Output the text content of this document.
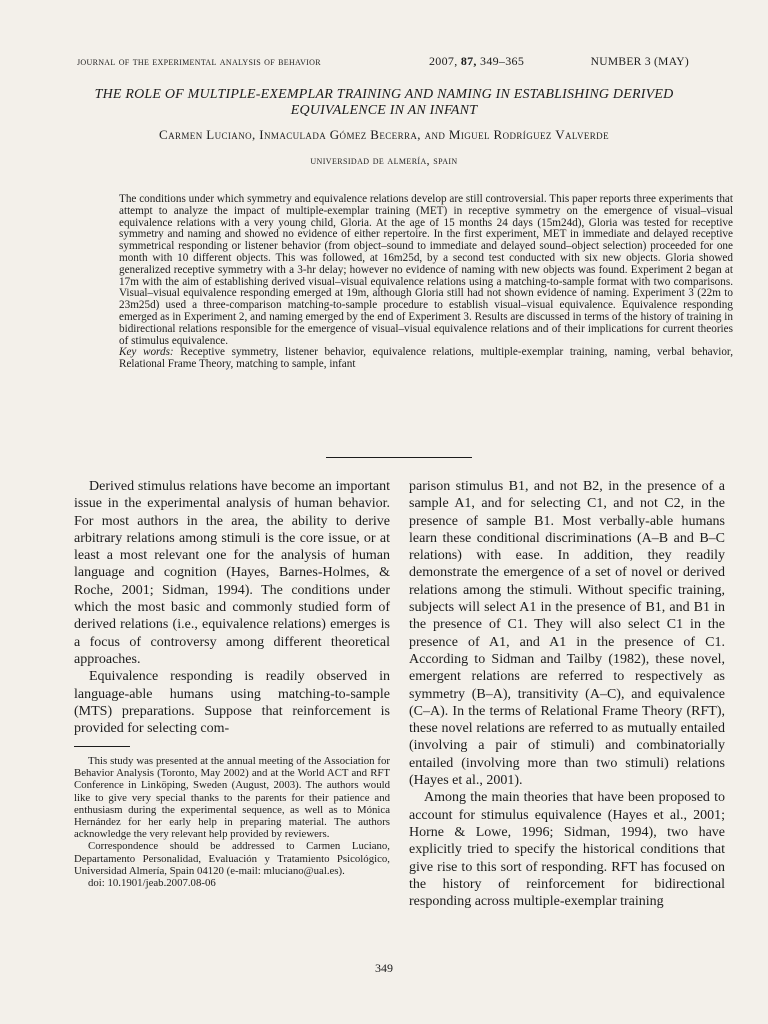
journal of the experimental analysis of behavior	2007, 87, 349–365	NUMBER 3 (MAY)
THE ROLE OF MULTIPLE-EXEMPLAR TRAINING AND NAMING IN ESTABLISHING DERIVED
EQUIVALENCE IN AN INFANT
Carmen Luciano, Inmaculada Gómez Becerra, and Miguel Rodríguez Valverde
universidad de almería, spain

The conditions under which symmetry and equivalence relations develop are still controversial. This paper reports three experiments that attempt to analyze the impact of multiple-exemplar training (MET) in receptive symmetry on the emergence of visual–visual equivalence relations with a very young child, Gloria. At the age of 15 months 24 days (15m24d), Gloria was tested for receptive symmetry and naming and showed no evidence of either repertoire. In the first experiment, MET in immediate and delayed receptive symmetrical responding or listener behavior (from object–sound to immediate and delayed sound–object selection) proceeded for one month with 10 different objects. This was followed, at 16m25d, by a second test conducted with six new objects. Gloria showed generalized receptive symmetry with a 3-hr delay; however no evidence of naming with new objects was found. Experiment 2 began at 17m with the aim of establishing derived visual–visual equivalence relations using a matching-to-sample format with two comparisons. Visual–visual equivalence responding emerged at 19m, although Gloria still had not shown evidence of naming. Experiment 3 (22m to 23m25d) used a three-comparison matching-to-sample procedure to establish visual–visual equivalence. Equivalence responding emerged as in Experiment 2, and naming emerged by the end of Experiment 3. Results are discussed in terms of the history of training in bidirectional relations responsible for the emergence of visual–visual equivalence relations and of their implications for current theories of stimulus equivalence.

Key words: Receptive symmetry, listener behavior, equivalence relations, multiple-exemplar training, naming, verbal behavior, Relational Frame Theory, matching to sample, infant

Derived stimulus relations have become an important issue in the experimental analysis of human behavior. For most authors in the area, the ability to derive arbitrary relations among stimuli is the core issue, or at least a most relevant one for the analysis of human language and cognition (Hayes, Barnes-Holmes, & Roche, 2001; Sidman, 1994). The conditions under which the most basic and commonly studied form of derived relations (i.e., equivalence relations) emerges is a focus of controversy among different theoretical approaches.

Equivalence responding is readily observed in language-able humans using matching-to-sample (MTS) preparations. Suppose that reinforcement is provided for selecting com-

This study was presented at the annual meeting of the Association for Behavior Analysis (Toronto, May 2002) and at the World ACT and RFT Conference in Linköping, Sweden (August, 2003). The authors would like to give very special thanks to the parents for their patience and enthusiasm during the experimental sequence, as well as to Mónica Hernández for her early help in preparing material. The authors acknowledge the very relevant help provided by reviewers.

Correspondence should be addressed to Carmen Luciano, Departamento Personalidad, Evaluación y Tratamiento Psicológico, Universidad Almería, Spain 04120 (e-mail: mluciano@ual.es).

doi: 10.1901/jeab.2007.08-06

parison stimulus B1, and not B2, in the presence of a sample A1, and for selecting C1, and not C2, in the presence of sample B1. Most verbally-able humans learn these conditional discriminations (A–B and B–C relations) with ease. In addition, they readily demonstrate the emergence of a set of novel or derived relations among the stimuli. Without specific training, subjects will select A1 in the presence of B1, and B1 in the presence of C1. They will also select C1 in the presence of A1, and A1 in the presence of C1. According to Sidman and Tailby (1982), these novel, emergent relations are referred to respectively as symmetry (B–A), transitivity (A–C), and equivalence (C–A). In the terms of Relational Frame Theory (RFT), these novel relations are referred to as mutually entailed (involving a pair of stimuli) and combinatorially entailed (involving more than two stimuli) relations (Hayes et al., 2001).

Among the main theories that have been proposed to account for stimulus equivalence (Hayes et al., 2001; Horne & Lowe, 1996; Sidman, 1994), two have explicitly tried to specify the historical conditions that give rise to this sort of responding. RFT has focused on the history of reinforcement for bidirectional responding across multiple-exemplar training

349
